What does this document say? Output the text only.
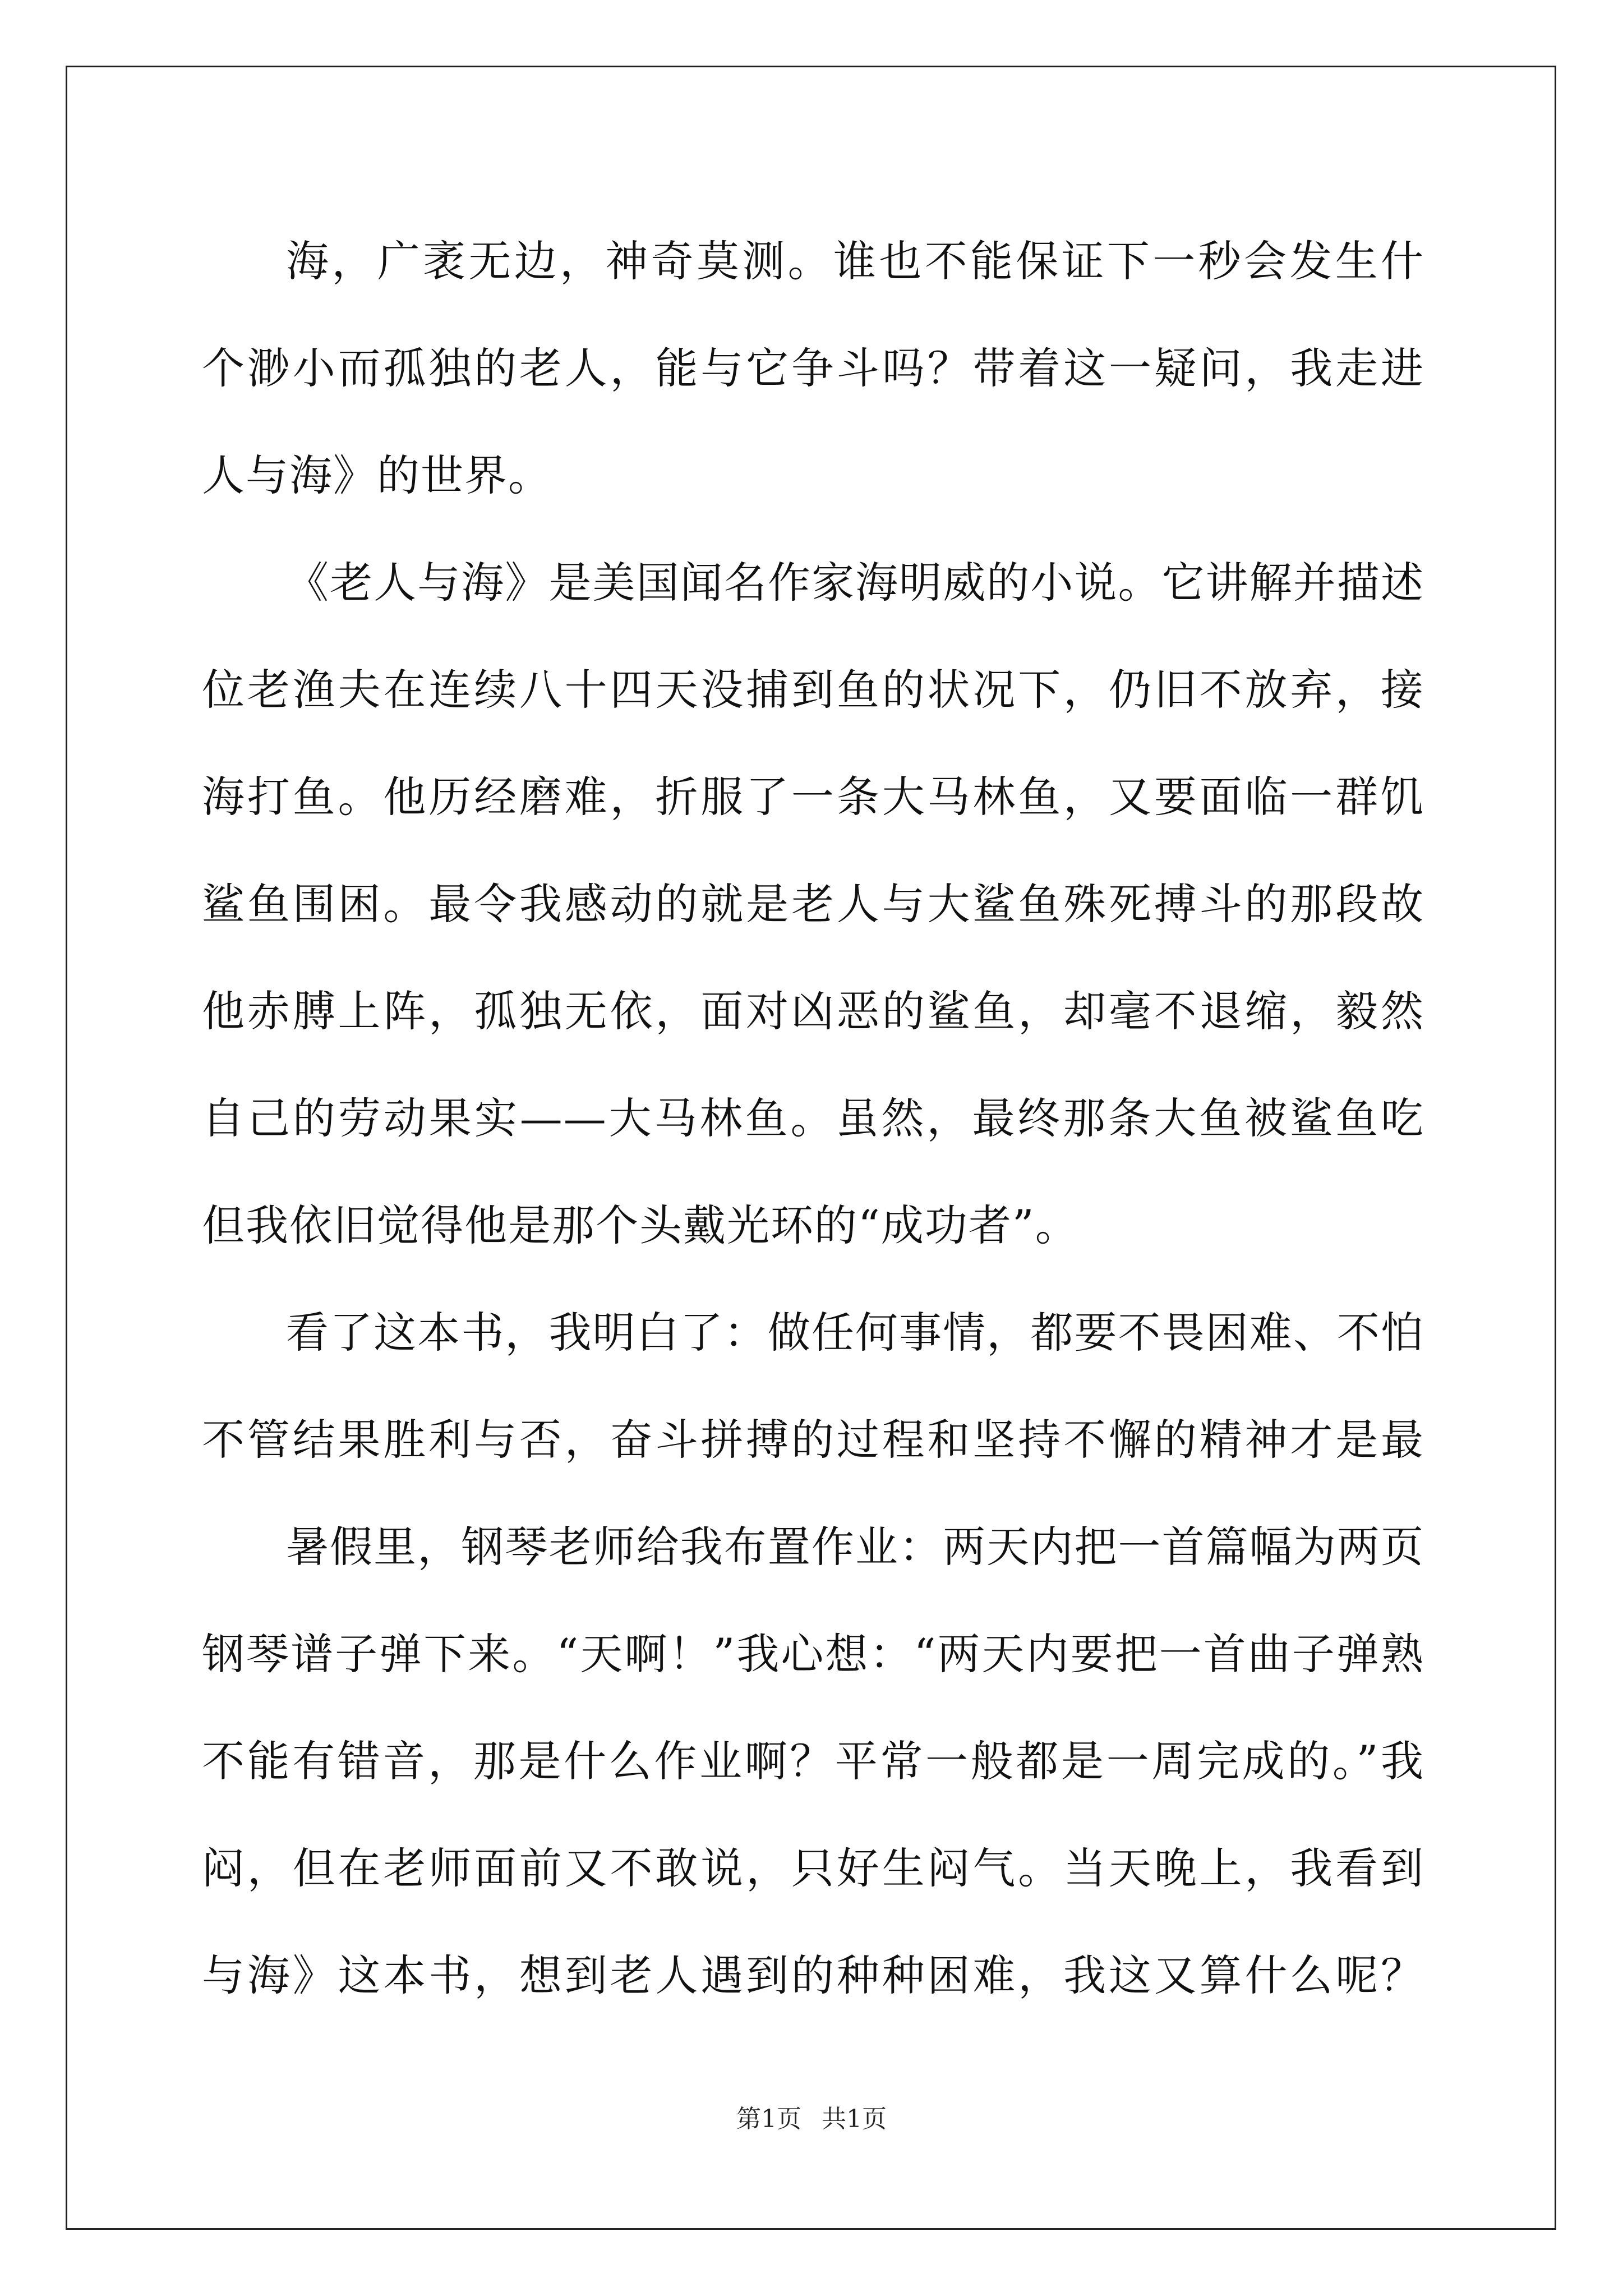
海，广袤无边，神奇莫测。谁也不能保证下一秒会发生什
个渺小而孤独的老人，能与它争斗吗？带着这一疑问，我走进
人与海》的世界。
《老人与海》是美国闻名作家海明威的小说。它讲解并描述
位老渔夫在连续八十四天没捕到鱼的状况下，仍旧不放弃，接
海打鱼。他历经磨难，折服了一条大马林鱼，又要面临一群饥
鲨鱼围困。最令我感动的就是老人与大鲨鱼殊死搏斗的那段故
他赤膊上阵，孤独无依，面对凶恶的鲨鱼，却毫不退缩，毅然
自己的劳动果实——大马林鱼。虽然，最终那条大鱼被鲨鱼吃
但我依旧觉得他是那个头戴光环的“成功者”。
看了这本书，我明白了：做任何事情，都要不畏困难、不怕
不管结果胜利与否，奋斗拼搏的过程和坚持不懈的精神才是最
暑假里，钢琴老师给我布置作业：两天内把一首篇幅为两页
钢琴谱子弹下来。“天啊！”我心想：“两天内要把一首曲子弹熟
不能有错音，那是什么作业啊？平常一般都是一周完成的。”我
闷，但在老师面前又不敢说，只好生闷气。当天晚上，我看到
与海》这本书，想到老人遇到的种种困难，我这又算什么呢？
第1页 共1页
